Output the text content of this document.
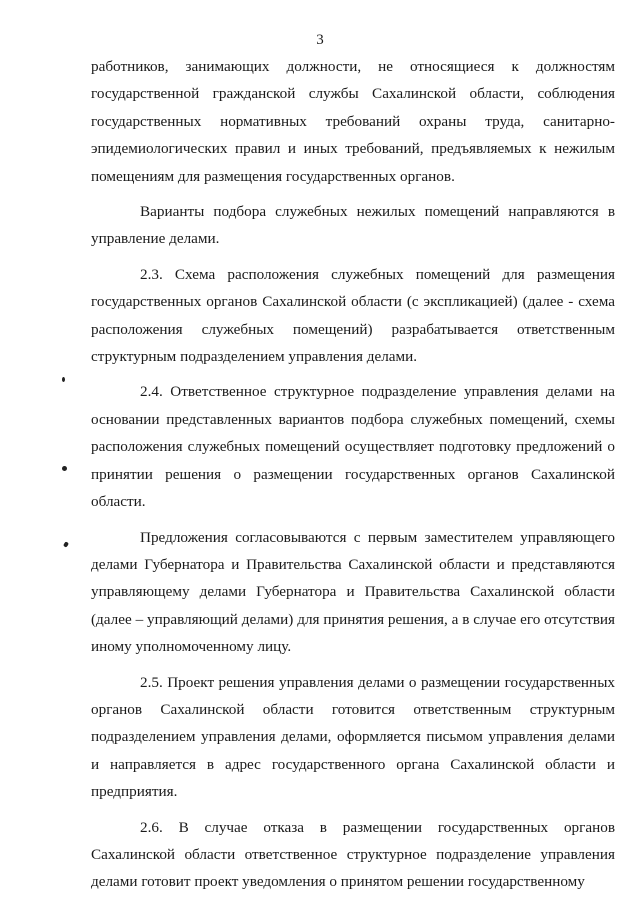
3

работников, занимающих должности, не относящиеся к должностям государственной гражданской службы Сахалинской области, соблюдения государственных нормативных требований охраны труда, санитарно-эпидемиологических правил и иных требований, предъявляемых к нежилым помещениям для размещения государственных органов.

Варианты подбора служебных нежилых помещений направляются в управление делами.

2.3. Схема расположения служебных помещений для размещения государственных органов Сахалинской области (с экспликацией) (далее - схема расположения служебных помещений) разрабатывается ответственным структурным подразделением управления делами.

2.4. Ответственное структурное подразделение управления делами на основании представленных вариантов подбора служебных помещений, схемы расположения служебных помещений осуществляет подготовку предложений о принятии решения о размещении государственных органов Сахалинской области.

Предложения согласовываются с первым заместителем управляющего делами Губернатора и Правительства Сахалинской области и представляются управляющему делами Губернатора и Правительства Сахалинской области (далее – управляющий делами) для принятия решения, а в случае его отсутствия иному уполномоченному лицу.

2.5. Проект решения управления делами о размещении государственных органов Сахалинской области готовится ответственным структурным подразделением управления делами, оформляется письмом управления делами и направляется в адрес государственного органа Сахалинской области и предприятия.

2.6. В случае отказа в размещении государственных органов Сахалинской области ответственное структурное подразделение управления делами готовит проект уведомления о принятом решении государственному
